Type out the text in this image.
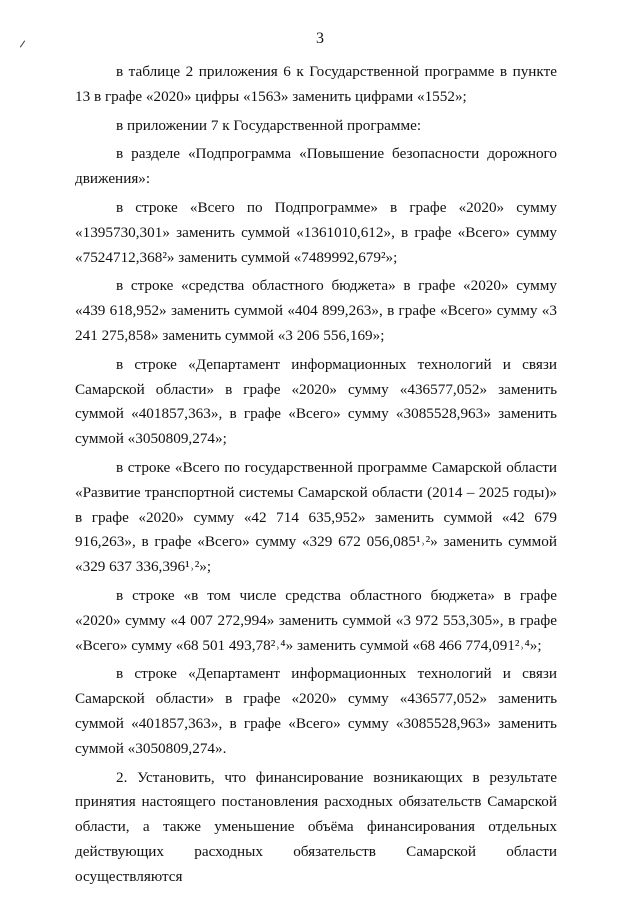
3

в таблице 2 приложения 6 к Государственной программе в пункте 13 в графе «2020» цифры «1563» заменить цифрами «1552»;

в приложении 7 к Государственной программе:

в разделе «Подпрограмма «Повышение безопасности дорожного движения»:

в строке «Всего по Подпрограмме» в графе «2020» сумму «1395730,301» заменить суммой «1361010,612», в графе «Всего» сумму «7524712,368²» заменить суммой «7489992,679²»;

в строке «средства областного бюджета» в графе «2020» сумму «439 618,952» заменить суммой «404 899,263», в графе «Всего» сумму «3 241 275,858» заменить суммой «3 206 556,169»;

в строке «Департамент информационных технологий и связи Самарской области» в графе «2020» сумму «436577,052» заменить суммой «401857,363», в графе «Всего» сумму «3085528,963» заменить суммой «3050809,274»;

в строке «Всего по государственной программе Самарской области «Развитие транспортной системы Самарской области (2014 – 2025 годы)» в графе «2020» сумму «42 714 635,952» заменить суммой «42 679 916,263», в графе «Всего» сумму «329 672 056,085¹˒²» заменить суммой «329 637 336,396¹˒²»;

в строке «в том числе средства областного бюджета» в графе «2020» сумму «4 007 272,994» заменить суммой «3 972 553,305», в графе «Всего» сумму «68 501 493,78²˒⁴» заменить суммой «68 466 774,091²˒⁴»;

в строке «Департамент информационных технологий и связи Самарской области» в графе «2020» сумму «436577,052» заменить суммой «401857,363», в графе «Всего» сумму «3085528,963» заменить суммой «3050809,274».

2. Установить, что финансирование возникающих в результате принятия настоящего постановления расходных обязательств Самарской области, а также уменьшение объёма финансирования отдельных действующих расходных обязательств Самарской области осуществляются
